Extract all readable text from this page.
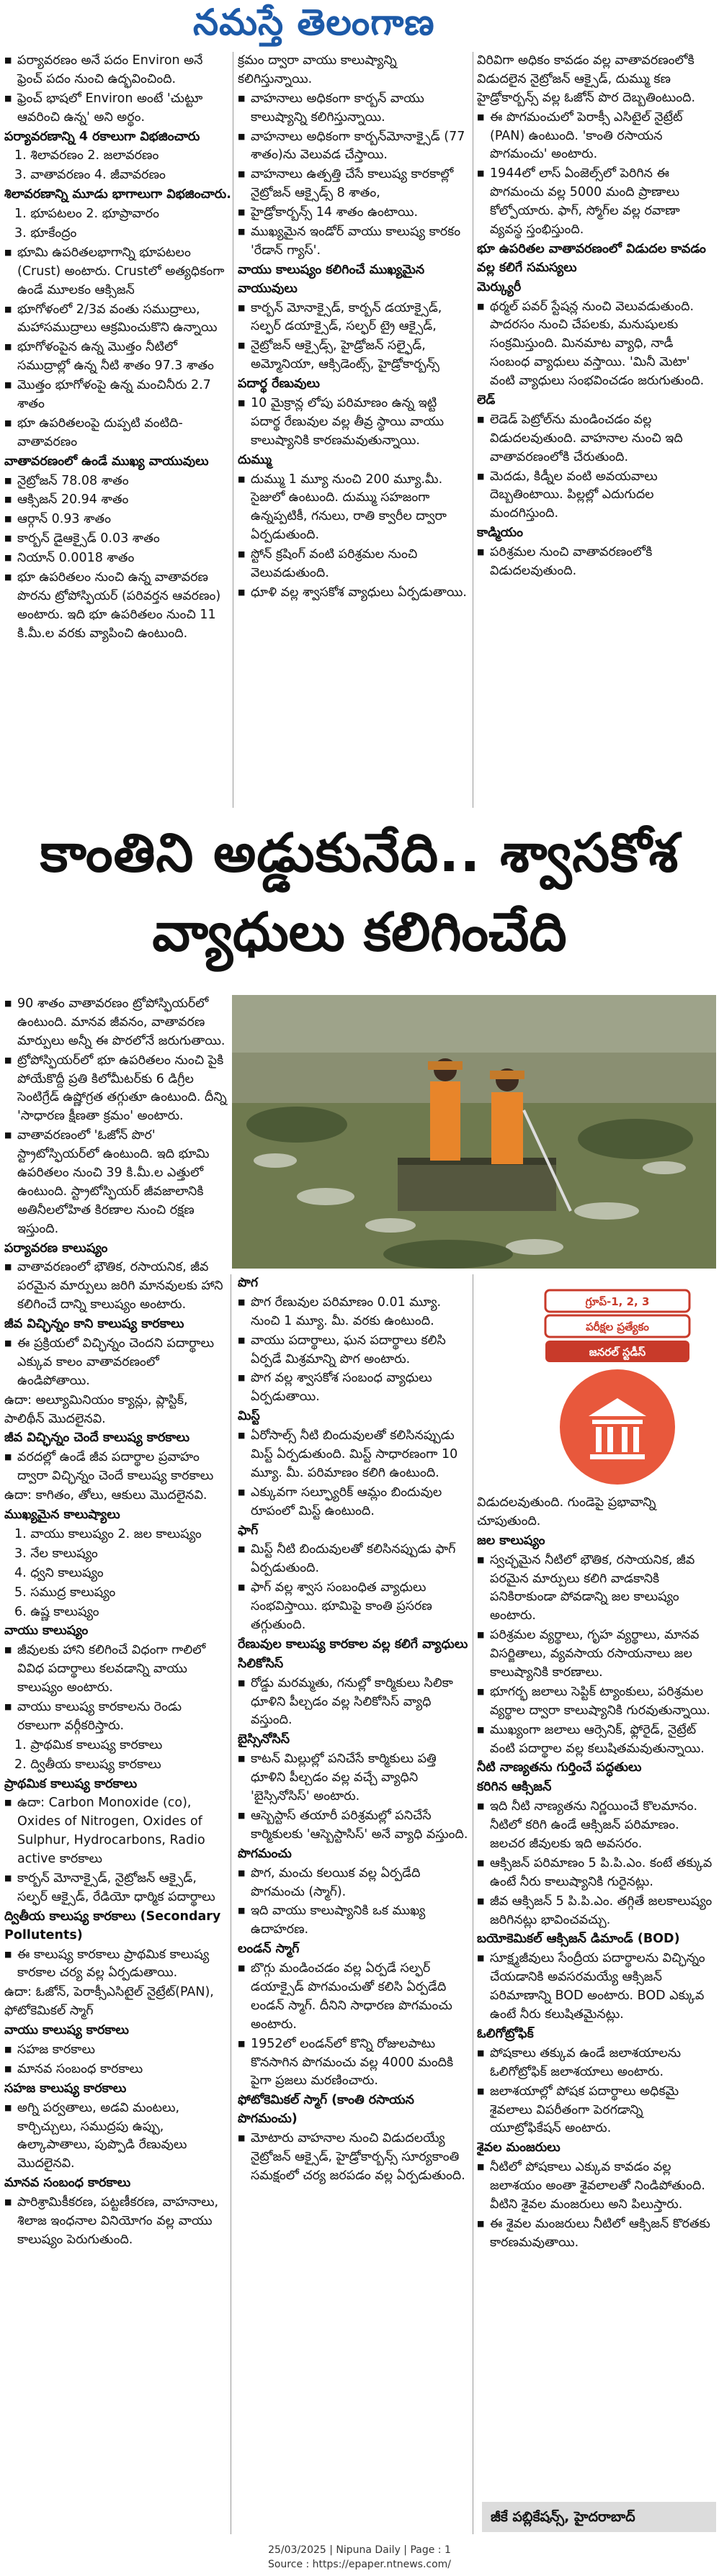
నమస్తే తెలంగాణ

■ పర్యావరణం అనే పదం Environ అనే ఫ్రెంచ్ పదం నుంచి ఉద్భవించింది.

■ ఫ్రెంచ్ భాషలో Environ అంటే 'చుట్టూ ఆవరించి ఉన్న' అని అర్థం.

పర్యావరణాన్ని 4 రకాలుగా విభజించారు

1. శిలావరణం 2. జలావరణం

3. వాతావరణం 4. జీవావరణం

శిలావరణాన్ని మూడు భాగాలుగా విభజించారు.

1. భూపటలం 2. భూప్రావారం

3. భూకేంద్రం

■ భూమి ఉపరితలభాగాన్ని భూపటలం (Crust) అంటారు. Crustలో అత్యధికంగా ఉండే మూలకం ఆక్సిజన్

■ భూగోళంలో 2/3వ వంతు సముద్రాలు, మహాసముద్రాలు ఆక్రమించుకొని ఉన్నాయి

■ భూగోళంపైన ఉన్న మొత్తం నీటిలో సముద్రాల్లో ఉన్న నీటి శాతం 97.3 శాతం

■ మొత్తం భూగోళంపై ఉన్న మంచినీరు 2.7 శాతం

■ భూ ఉపరితలంపై దుప్పటి వంటిది- వాతావరణం

వాతావరణంలో ఉండే ముఖ్య వాయువులు

■ నైట్రోజన్ 78.08 శాతం

■ ఆక్సిజన్ 20.94 శాతం

■ ఆర్గాన్ 0.93 శాతం

■ కార్బన్ డైఆక్సైడ్ 0.03 శాతం

■ నియాన్ 0.0018 శాతం

■ భూ ఉపరితలం నుంచి ఉన్న వాతావరణ పొరను ట్రోపోస్ఫియర్ (పరివర్తన ఆవరణం) అంటారు. ఇది భూ ఉపరితలం నుంచి 11 కి.మీ.ల వరకు వ్యాపించి ఉంటుంది.

క్రమం ద్వారా వాయు కాలుష్యాన్ని కలిగిస్తున్నాయి.

■ వాహనాలు అధికంగా కార్బన్ వాయు కాలుష్యాన్ని కలిగిస్తున్నాయి.

■ వాహనాలు అధికంగా కార్బన్‌మోనాక్సైడ్ (77 శాతం)ను వెలువడ చేస్తాయి.

■ వాహనాలు ఉత్పత్తి చేసే కాలుష్య కారకాల్లో నైట్రోజన్ ఆక్సైడ్స్ 8 శాతం,

■ హైడ్రోకార్బన్స్ 14 శాతం ఉంటాయి.

■ ముఖ్యమైన ఇండోర్ వాయు కాలుష్య కారకం 'రేడాన్ గ్యాస్'.

వాయు కాలుష్యం కలిగించే ముఖ్యమైన వాయువులు

■ కార్బన్ మోనాక్సైడ్, కార్బన్ డయాక్సైడ్, సల్ఫర్ డయాక్సైడ్, సల్ఫర్ ట్రై ఆక్సైడ్,

■ నైట్రోజన్ ఆక్సైడ్స్, హైడ్రోజన్ సల్ఫైడ్, అమ్మోనియా, ఆక్సిడెంట్స్, హైడ్రోకార్బన్స్

పదార్థ రేణువులు

■ 10 మైక్రాన్ల లోపు పరిమాణం ఉన్న ఇట్టి పదార్థ రేణువుల వల్ల తీవ్ర స్థాయి వాయు కాలుష్యానికి కారణమవుతున్నాయి.

దుమ్ము

■ దుమ్ము 1 మ్యూ నుంచి 200 మ్యూ.మీ. సైజులో ఉంటుంది. దుమ్ము సహజంగా ఉన్నప్పటికీ, గనులు, రాతి క్వారీల ద్వారా ఏర్పడుతుంది.

■ స్టోన్ క్రషింగ్ వంటి పరిశ్రమల నుంచి వెలువడుతుంది.

■ ధూళి వల్ల శ్వాసకోశ వ్యాధులు ఏర్పడుతాయి.

విరివిగా అధికం కావడం వల్ల వాతావరణంలోకి విడుదలైన నైట్రోజన్ ఆక్సైడ్, దుమ్ము కణ హైడ్రోకార్బన్స్ వల్ల ఓజోన్ పొర దెబ్బతింటుంది.

■ ఈ పొగమంచులో పెరాక్సీ ఎసిటైల్ నైట్రేట్ (PAN) ఉంటుంది. 'కాంతి రసాయన పొగమంచు' అంటారు.

■ 1944లో లాస్ ఏంజెల్స్‌లో పెరిగిన ఈ పొగమంచు వల్ల 5000 మంది ప్రాణాలు కోల్పోయారు. ఫాగ్, స్మోగ్‌ల వల్ల రవాణా వ్యవస్థ స్తంభిస్తుంది.

భూ ఉపరితల వాతావరణంలో విడుదల కావడం వల్ల కలిగే సమస్యలు

మెర్క్యురీ

■ థర్మల్ పవర్ స్టేషన్ల నుంచి వెలువడుతుంది. పాదరసం నుంచి చేపలకు, మనుషులకు సంక్రమిస్తుంది. మినమాట వ్యాధి, నాడీ సంబంధ వ్యాధులు వస్తాయి. 'మినీ మెటా' వంటి వ్యాధులు సంభవించడం జరుగుతుంది.

లెడ్

■ లెడెడ్ పెట్రోల్‌ను మండించడం వల్ల విడుదలవుతుంది. వాహనాల నుంచి ఇది వాతావరణంలోకి చేరుతుంది.

■ మెదడు, కిడ్నీల వంటి అవయవాలు దెబ్బతింటాయి. పిల్లల్లో ఎదుగుదల మందగిస్తుంది.

కాడ్మియం

■ పరిశ్రమల నుంచి వాతావరణంలోకి విడుదలవుతుంది.

కాంతిని అడ్డుకునేది.. శ్వాసకోశ
వ్యాధులు కలిగించేది

■ 90 శాతం వాతావరణం ట్రోపోస్ఫియర్‌లో ఉంటుంది. మానవ జీవనం, వాతావరణ మార్పులు అన్నీ ఈ పొరలోనే జరుగుతాయి.

■ ట్రోపోస్ఫియర్‌లో భూ ఉపరితలం నుంచి పైకి పోయేకొద్దీ ప్రతి కిలోమీటర్‌కు 6 డిగ్రీల సెంటిగ్రేడ్ ఉష్ణోగ్రత తగ్గుతూ ఉంటుంది. దీన్ని 'సాధారణ క్షీణతా క్రమం' అంటారు.

■ వాతావరణంలో 'ఓజోన్ పొర' స్ట్రాటోస్ఫియర్‌లో ఉంటుంది. ఇది భూమి ఉపరితలం నుంచి 39 కి.మీ.ల ఎత్తులో ఉంటుంది. స్ట్రాటోస్ఫియర్ జీవజాలానికి అతినీలలోహిత కిరణాల నుంచి రక్షణ ఇస్తుంది.

పర్యావరణ కాలుష్యం

■ వాతావరణంలో భౌతిక, రసాయనిక, జీవ పరమైన మార్పులు జరిగి మానవులకు హాని కలిగించే దాన్ని కాలుష్యం అంటారు.

జీవ విచ్ఛిన్నం కాని కాలుష్య కారకాలు

■ ఈ ప్రక్రియలో విచ్ఛిన్నం చెందని పదార్థాలు ఎక్కువ కాలం వాతావరణంలో ఉండిపోతాయి.

ఉదా: అల్యూమినియం క్యాన్లు, ప్లాస్టిక్, పాలిథీన్ మొదలైనవి.

జీవ విచ్ఛిన్నం చెందే కాలుష్య కారకాలు

■ వరదల్లో ఉండే జీవ పదార్థాల ప్రవాహం ద్వారా విచ్ఛిన్నం చెందే కాలుష్య కారకాలు

ఉదా: కాగితం, తోలు, ఆకులు మొదలైనవి.

ముఖ్యమైన కాలుష్యాలు

1. వాయు కాలుష్యం 2. జల కాలుష్యం

3. నేల కాలుష్యం

4. ధ్వని కాలుష్యం

5. సముద్ర కాలుష్యం

6. ఉష్ణ కాలుష్యం

వాయు కాలుష్యం

■ జీవులకు హాని కలిగించే విధంగా గాలిలో వివిధ పదార్థాలు కలవడాన్ని వాయు కాలుష్యం అంటారు.

■ వాయు కాలుష్య కారకాలను రెండు రకాలుగా వర్గీకరిస్తారు.

1. ప్రాథమిక కాలుష్య కారకాలు

2. ద్వితీయ కాలుష్య కారకాలు

ప్రాథమిక కాలుష్య కారకాలు

■ ఉదా: Carbon Monoxide (co), Oxides of Nitrogen, Oxides of Sulphur, Hydrocarbons, Radio active కారకాలు

■ కార్బన్ మోనాక్సైడ్, నైట్రోజన్ ఆక్సైడ్, సల్ఫర్ ఆక్సైడ్, రేడియో ధార్మిక పదార్థాలు

ద్వితీయ కాలుష్య కారకాలు (Secondary Pollutents)

■ ఈ కాలుష్య కారకాలు ప్రాథమిక కాలుష్య కారకాల చర్య వల్ల ఏర్పడుతాయి.

ఉదా: ఓజోన్, పెరాక్సీఎసిటైల్ నైట్రేట్(PAN), ఫోటోకెమికల్ స్మాగ్

వాయు కాలుష్య కారకాలు

■ సహజ కారకాలు

■ మానవ సంబంధ కారకాలు

సహజ కాలుష్య కారకాలు

■ అగ్ని పర్వతాలు, అడవి మంటలు, కార్చిచ్చులు, సముద్రపు ఉప్పు, ఉల్కాపాతాలు, పుప్పొడి రేణువులు మొదలైనవి.

మానవ సంబంధ కారకాలు

■ పారిశ్రామికీకరణ, పట్టణీకరణ, వాహనాలు, శిలాజ ఇంధనాల వినియోగం వల్ల వాయు కాలుష్యం పెరుగుతుంది.

పొగ

■ పొగ రేణువుల పరిమాణం 0.01 మ్యూ. నుంచి 1 మ్యూ. మీ. వరకు ఉంటుంది.

■ వాయు పదార్థాలు, ఘన పదార్థాలు కలిసి ఏర్పడే మిశ్రమాన్ని పొగ అంటారు.

■ పొగ వల్ల శ్వాసకోశ సంబంధ వ్యాధులు ఏర్పడుతాయి.

మిస్ట్

■ ఏరోసాల్స్ నీటి బిందువులతో కలిసినప్పుడు మిస్ట్ ఏర్పడుతుంది. మిస్ట్ సాధారణంగా 10 మ్యూ. మీ. పరిమాణం కలిగి ఉంటుంది.

■ ఎక్కువగా సల్ఫ్యూరిక్ ఆమ్లం బిందువుల రూపంలో మిస్ట్ ఉంటుంది.

ఫాగ్

■ మిస్ట్ నీటి బిందువులతో కలిసినప్పుడు ఫాగ్ ఏర్పడుతుంది.

■ ఫాగ్ వల్ల శ్వాస సంబంధిత వ్యాధులు సంభవిస్తాయి. భూమిపై కాంతి ప్రసరణ తగ్గుతుంది.

రేణువుల కాలుష్య కారకాల వల్ల కలిగే వ్యాధులు

సిలికోసిస్

■ రోడ్డు మరమ్మతు, గనుల్లో కార్మికులు సిలికా ధూళిని పీల్చడం వల్ల సిలికోసిస్ వ్యాధి వస్తుంది.

బైస్సినోసిస్

■ కాటన్ మిల్లుల్లో పనిచేసే కార్మికులు పత్తి ధూళిని పీల్చడం వల్ల వచ్చే వ్యాధిని 'బైస్సినోసిస్' అంటారు.

■ ఆస్బెస్టాస్ తయారీ పరిశ్రమల్లో పనిచేసే కార్మికులకు 'ఆస్బెస్టాసిస్' అనే వ్యాధి వస్తుంది.

పొగమంచు

■ పొగ, మంచు కలయిక వల్ల ఏర్పడేది పొగమంచు (స్మాగ్).

■ ఇది వాయు కాలుష్యానికి ఒక ముఖ్య ఉదాహరణ.

లండన్ స్మాగ్

■ బొగ్గు మండించడం వల్ల ఏర్పడే సల్ఫర్ డయాక్సైడ్ పొగమంచుతో కలిసి ఏర్పడేది లండన్ స్మాగ్. దీనిని సాధారణ పొగమంచు అంటారు.

■ 1952లో లండన్‌లో కొన్ని రోజులపాటు కొనసాగిన పొగమంచు వల్ల 4000 మందికి పైగా ప్రజలు మరణించారు.

ఫోటోకెమికల్ స్మాగ్ (కాంతి రసాయన పొగమంచు)

■ మోటారు వాహనాల నుంచి విడుదలయ్యే నైట్రోజన్ ఆక్సైడ్, హైడ్రోకార్బన్స్ సూర్యకాంతి సమక్షంలో చర్య జరపడం వల్ల ఏర్పడుతుంది.

గ్రూప్-1, 2, 3
పరీక్షల ప్రత్యేకం
జనరల్ స్టడీస్

విడుదలవుతుంది. గుండెపై ప్రభావాన్ని చూపుతుంది.

జల కాలుష్యం

■ స్వచ్ఛమైన నీటిలో భౌతిక, రసాయనిక, జీవ పరమైన మార్పులు కలిగి వాడకానికి పనికిరాకుండా పోవడాన్ని జల కాలుష్యం అంటారు.

■ పరిశ్రమల వ్యర్థాలు, గృహ వ్యర్థాలు, మానవ విసర్జితాలు, వ్యవసాయ రసాయనాలు జల కాలుష్యానికి కారణాలు.

■ భూగర్భ జలాలు సెప్టిక్ ట్యాంకులు, పరిశ్రమల వ్యర్థాల ద్వారా కాలుష్యానికి గురవుతున్నాయి.

■ ముఖ్యంగా జలాలు ఆర్సెనిక్, ఫ్లోరైడ్, నైట్రేట్ వంటి పదార్థాల వల్ల కలుషితమవుతున్నాయి.

నీటి నాణ్యతను గుర్తించే పద్ధతులు

కరిగిన ఆక్సిజన్

■ ఇది నీటి నాణ్యతను నిర్ణయించే కొలమానం. నీటిలో కరిగి ఉండే ఆక్సిజన్ పరిమాణం. జలచర జీవులకు ఇది అవసరం.

■ ఆక్సిజన్ పరిమాణం 5 పి.పి.ఎం. కంటే తక్కువ ఉంటే నీరు కాలుష్యానికి గురైనట్లు.

■ జీవ ఆక్సిజన్ 5 పి.పి.ఎం. తగ్గితే జలకాలుష్యం జరిగినట్లు భావించవచ్చు.

బయోకెమికల్ ఆక్సిజన్ డిమాండ్ (BOD)

■ సూక్ష్మజీవులు సేంద్రీయ పదార్థాలను విచ్ఛిన్నం చేయడానికి అవసరమయ్యే ఆక్సిజన్ పరిమాణాన్ని BOD అంటారు. BOD ఎక్కువ ఉంటే నీరు కలుషితమైనట్లు.

ఓలిగోట్రోఫిక్

■ పోషకాలు తక్కువ ఉండే జలాశయాలను ఓలిగోట్రోఫిక్ జలాశయాలు అంటారు.

■ జలాశయాల్లో పోషక పదార్థాలు అధికమై శైవలాలు విపరీతంగా పెరగడాన్ని యూట్రోఫికేషన్ అంటారు.

శైవల మంజరులు

■ నీటిలో పోషకాలు ఎక్కువ కావడం వల్ల జలాశయం అంతా శైవలాలతో నిండిపోతుంది. వీటిని శైవల మంజరులు అని పిలుస్తారు.

■ ఈ శైవల మంజరులు నీటిలో ఆక్సిజన్ కొరతకు కారణమవుతాయి.

జీకే పబ్లికేషన్స్, హైదరాబాద్
25/03/2025 | Nipuna Daily | Page : 1
Source : https://epaper.ntnews.com/
